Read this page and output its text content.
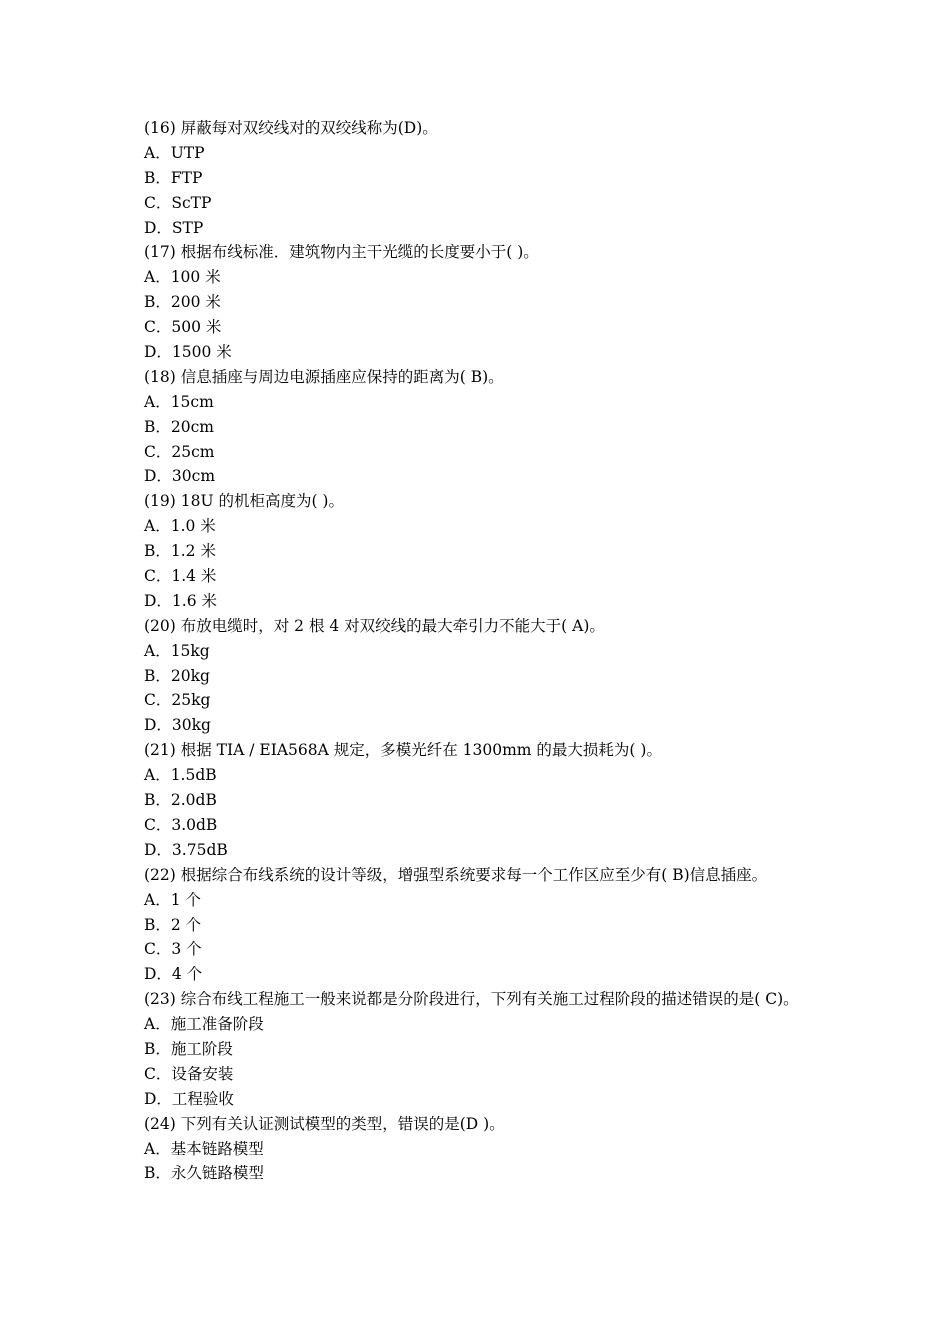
(16) 屏蔽每对双绞线对的双绞线称为(D)。
A．UTP
B．FTP
C．ScTP
D．STP
(17) 根据布线标准．建筑物内主干光缆的长度要小于( )。
A．100 米
B．200 米
C．500 米
D．1500 米
(18) 信息插座与周边电源插座应保持的距离为( B)。
A．15cm
B．20cm
C．25cm
D．30cm
(19) 18U 的机柜高度为( )。
A．1.0 米
B．1.2 米
C．1.4 米
D．1.6 米
(20) 布放电缆时，对 2 根 4 对双绞线的最大牵引力不能大于( A)。
A．15kg
B．20kg
C．25kg
D．30kg
(21) 根据 TIA / EIA568A 规定，多模光纤在 1300mm 的最大损耗为( )。
A．1.5dB
B．2.0dB
C．3.0dB
D．3.75dB
(22) 根据综合布线系统的设计等级，增强型系统要求每一个工作区应至少有( B)信息插座。
A．1 个
B．2 个
C．3 个
D．4 个
(23) 综合布线工程施工一般来说都是分阶段进行，下列有关施工过程阶段的描述错误的是( C)。
A．施工准备阶段
B．施工阶段
C．设备安装
D．工程验收
(24) 下列有关认证测试模型的类型，错误的是(D )。
A．基本链路模型
B．永久链路模型
